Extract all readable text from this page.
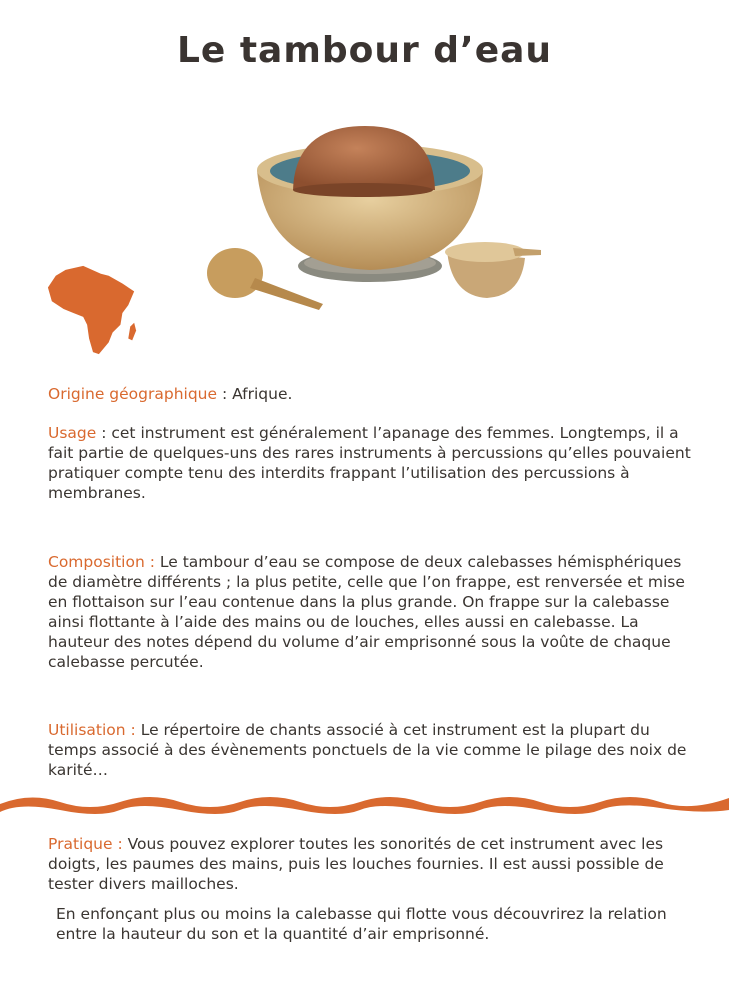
Le tambour d’eau
Origine géographique : Afrique.
Usage : cet instrument est généralement l’apanage des femmes. Longtemps, il a fait partie de quelques-uns des rares instruments à percussions qu’elles pouvaient pratiquer compte tenu des interdits frappant l’utilisation des percussions à membranes.
Composition : Le tambour d’eau se compose de deux calebasses hémisphériques de diamètre différents ; la plus petite, celle que l’on frappe, est renversée et mise en flottaison sur l’eau contenue dans la plus grande. On frappe sur la calebasse ainsi flottante à l’aide des mains ou de louches, elles aussi en calebasse. La hauteur des notes dépend du volume d’air emprisonné sous la voûte de chaque calebasse percutée.
Utilisation : Le répertoire de chants associé à cet instrument est la plupart du temps associé à des évènements ponctuels de la vie comme le pilage des noix de karité…
Pratique : Vous pouvez explorer toutes les sonorités de cet instrument avec les doigts, les paumes des mains, puis les louches fournies. Il est aussi possible de tester divers mailloches.
En enfonçant plus ou moins la calebasse qui flotte vous découvrirez la relation entre la hauteur du son et la quantité d’air emprisonné.
